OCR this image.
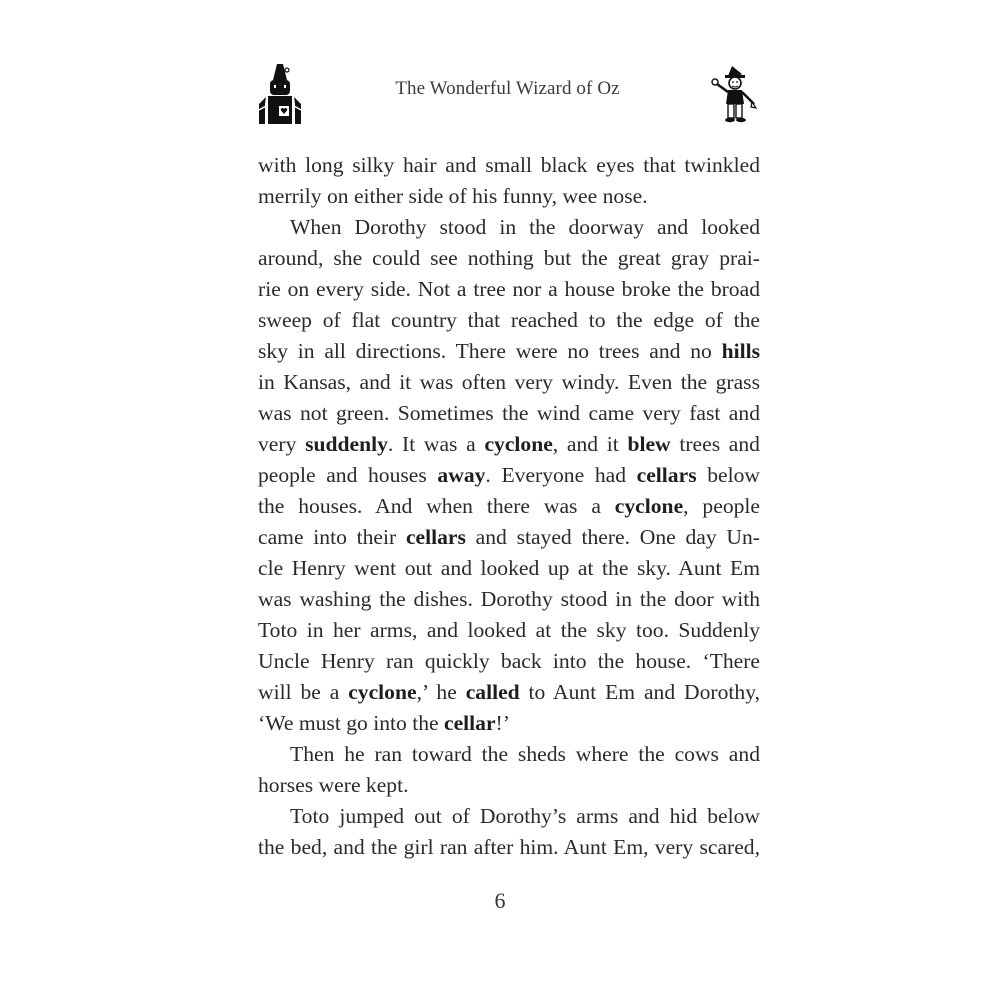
The Wonderful Wizard of Oz
with long silky hair and small black eyes that twinkled
merrily on either side of his funny, wee nose.
When Dorothy stood in the doorway and looked
around, she could see nothing but the great gray prai-
rie on every side. Not a tree nor a house broke the broad
sweep of flat country that reached to the edge of the
sky in all directions. There were no trees and no hills
in Kansas, and it was often very windy. Even the grass
was not green. Sometimes the wind came very fast and
very suddenly. It was a cyclone, and it blew trees and
people and houses away. Everyone had cellars below
the houses. And when there was a cyclone, people
came into their cellars and stayed there. One day Un-
cle Henry went out and looked up at the sky. Aunt Em
was washing the dishes. Dorothy stood in the door with
Toto in her arms, and looked at the sky too. Suddenly
Uncle Henry ran quickly back into the house. ‘There
will be a cyclone,’ he called to Aunt Em and Dorothy,
‘We must go into the cellar!’
Then he ran toward the sheds where the cows and
horses were kept.
Toto jumped out of Dorothy’s arms and hid below
the bed, and the girl ran after him. Aunt Em, very scared,
6
